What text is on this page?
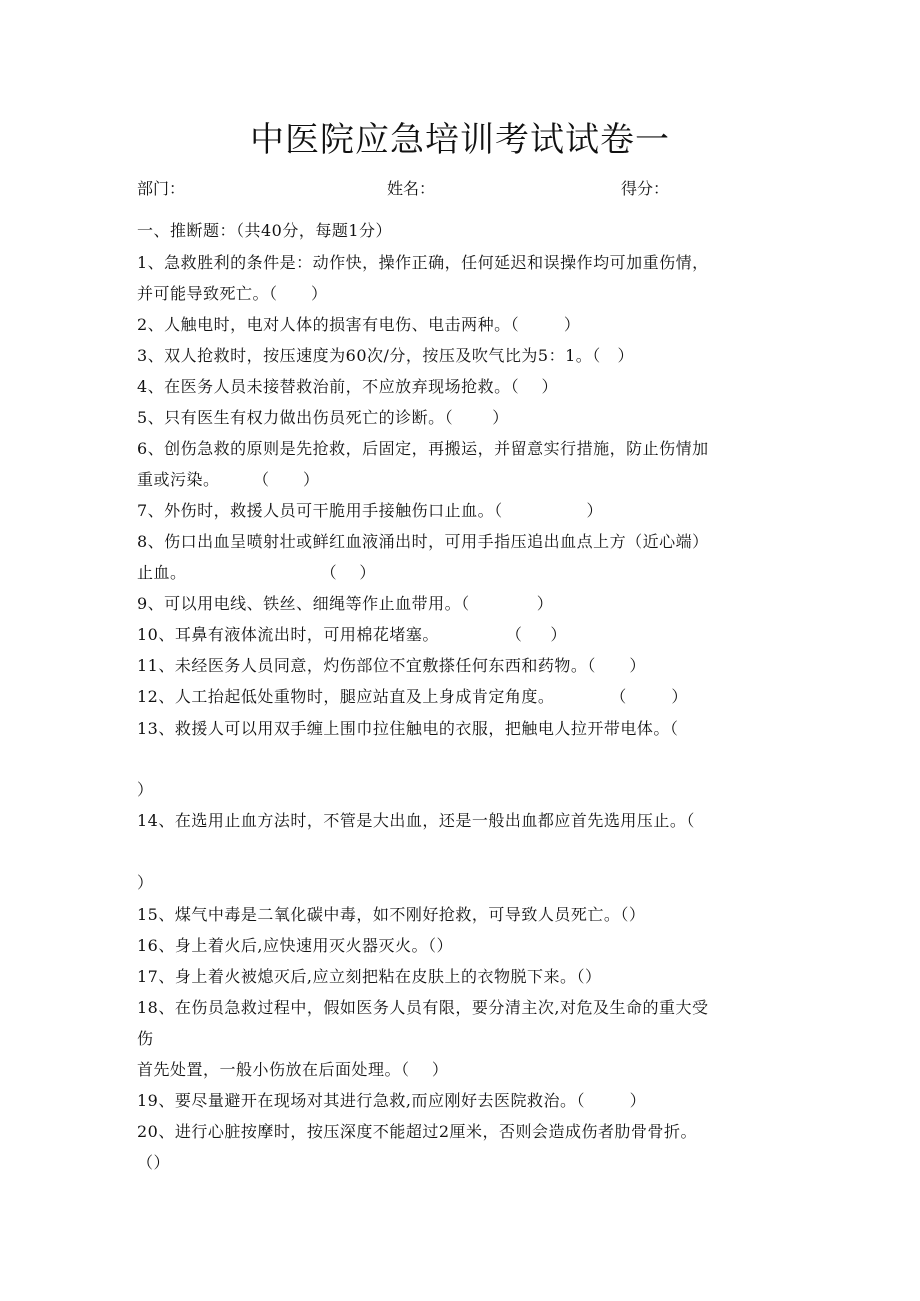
中医院应急培训考试试卷一
部门：	姓名：	得分：
一、推断题：（共40分，每题1分）
1、急救胜利的条件是：动作快，操作正确，任何延迟和误操作均可加重伤情，
并可能导致死亡。（      ）
2、人触电时，电对人体的损害有电伤、电击两种。（        ）
3、双人抢救时，按压速度为60次/分，按压及吹气比为5：1。（   ）
4、在医务人员未接替救治前，不应放弃现场抢救。（    ）
5、只有医生有权力做出伤员死亡的诊断。（       ）
6、创伤急救的原则是先抢救，后固定，再搬运，并留意实行措施，防止伤情加
重或污染。      （      ）
7、外伤时，救援人员可干脆用手接触伤口止血。（               ）
8、伤口出血呈喷射壮或鲜红血液涌出时，可用手指压追出血点上方（近心端）
止血。                        （    ）
9、可以用电线、铁丝、细绳等作止血带用。（            ）
10、耳鼻有液体流出时，可用棉花堵塞。            （     ）
11、未经医务人员同意，灼伤部位不宜敷搽任何东西和药物。（      ）
12、人工抬起低处重物时，腿应站直及上身成肯定角度。          （        ）
13、救援人可以用双手缠上围巾拉住触电的衣服，把触电人拉开带电体。（
）
14、在选用止血方法时，不管是大出血，还是一般出血都应首先选用压止。（
）
15、煤气中毒是二氧化碳中毒，如不刚好抢救，可导致人员死亡。（）
16、身上着火后,应快速用灭火器灭火。（）
17、身上着火被熄灭后,应立刻把粘在皮肤上的衣物脱下来。（）
18、在伤员急救过程中，假如医务人员有限，要分清主次,对危及生命的重大受
伤
首先处置，一般小伤放在后面处理。（    ）
19、要尽量避开在现场对其进行急救,而应刚好去医院救治。（        ）
20、进行心脏按摩时，按压深度不能超过2厘米，否则会造成伤者肋骨骨折。
（）
